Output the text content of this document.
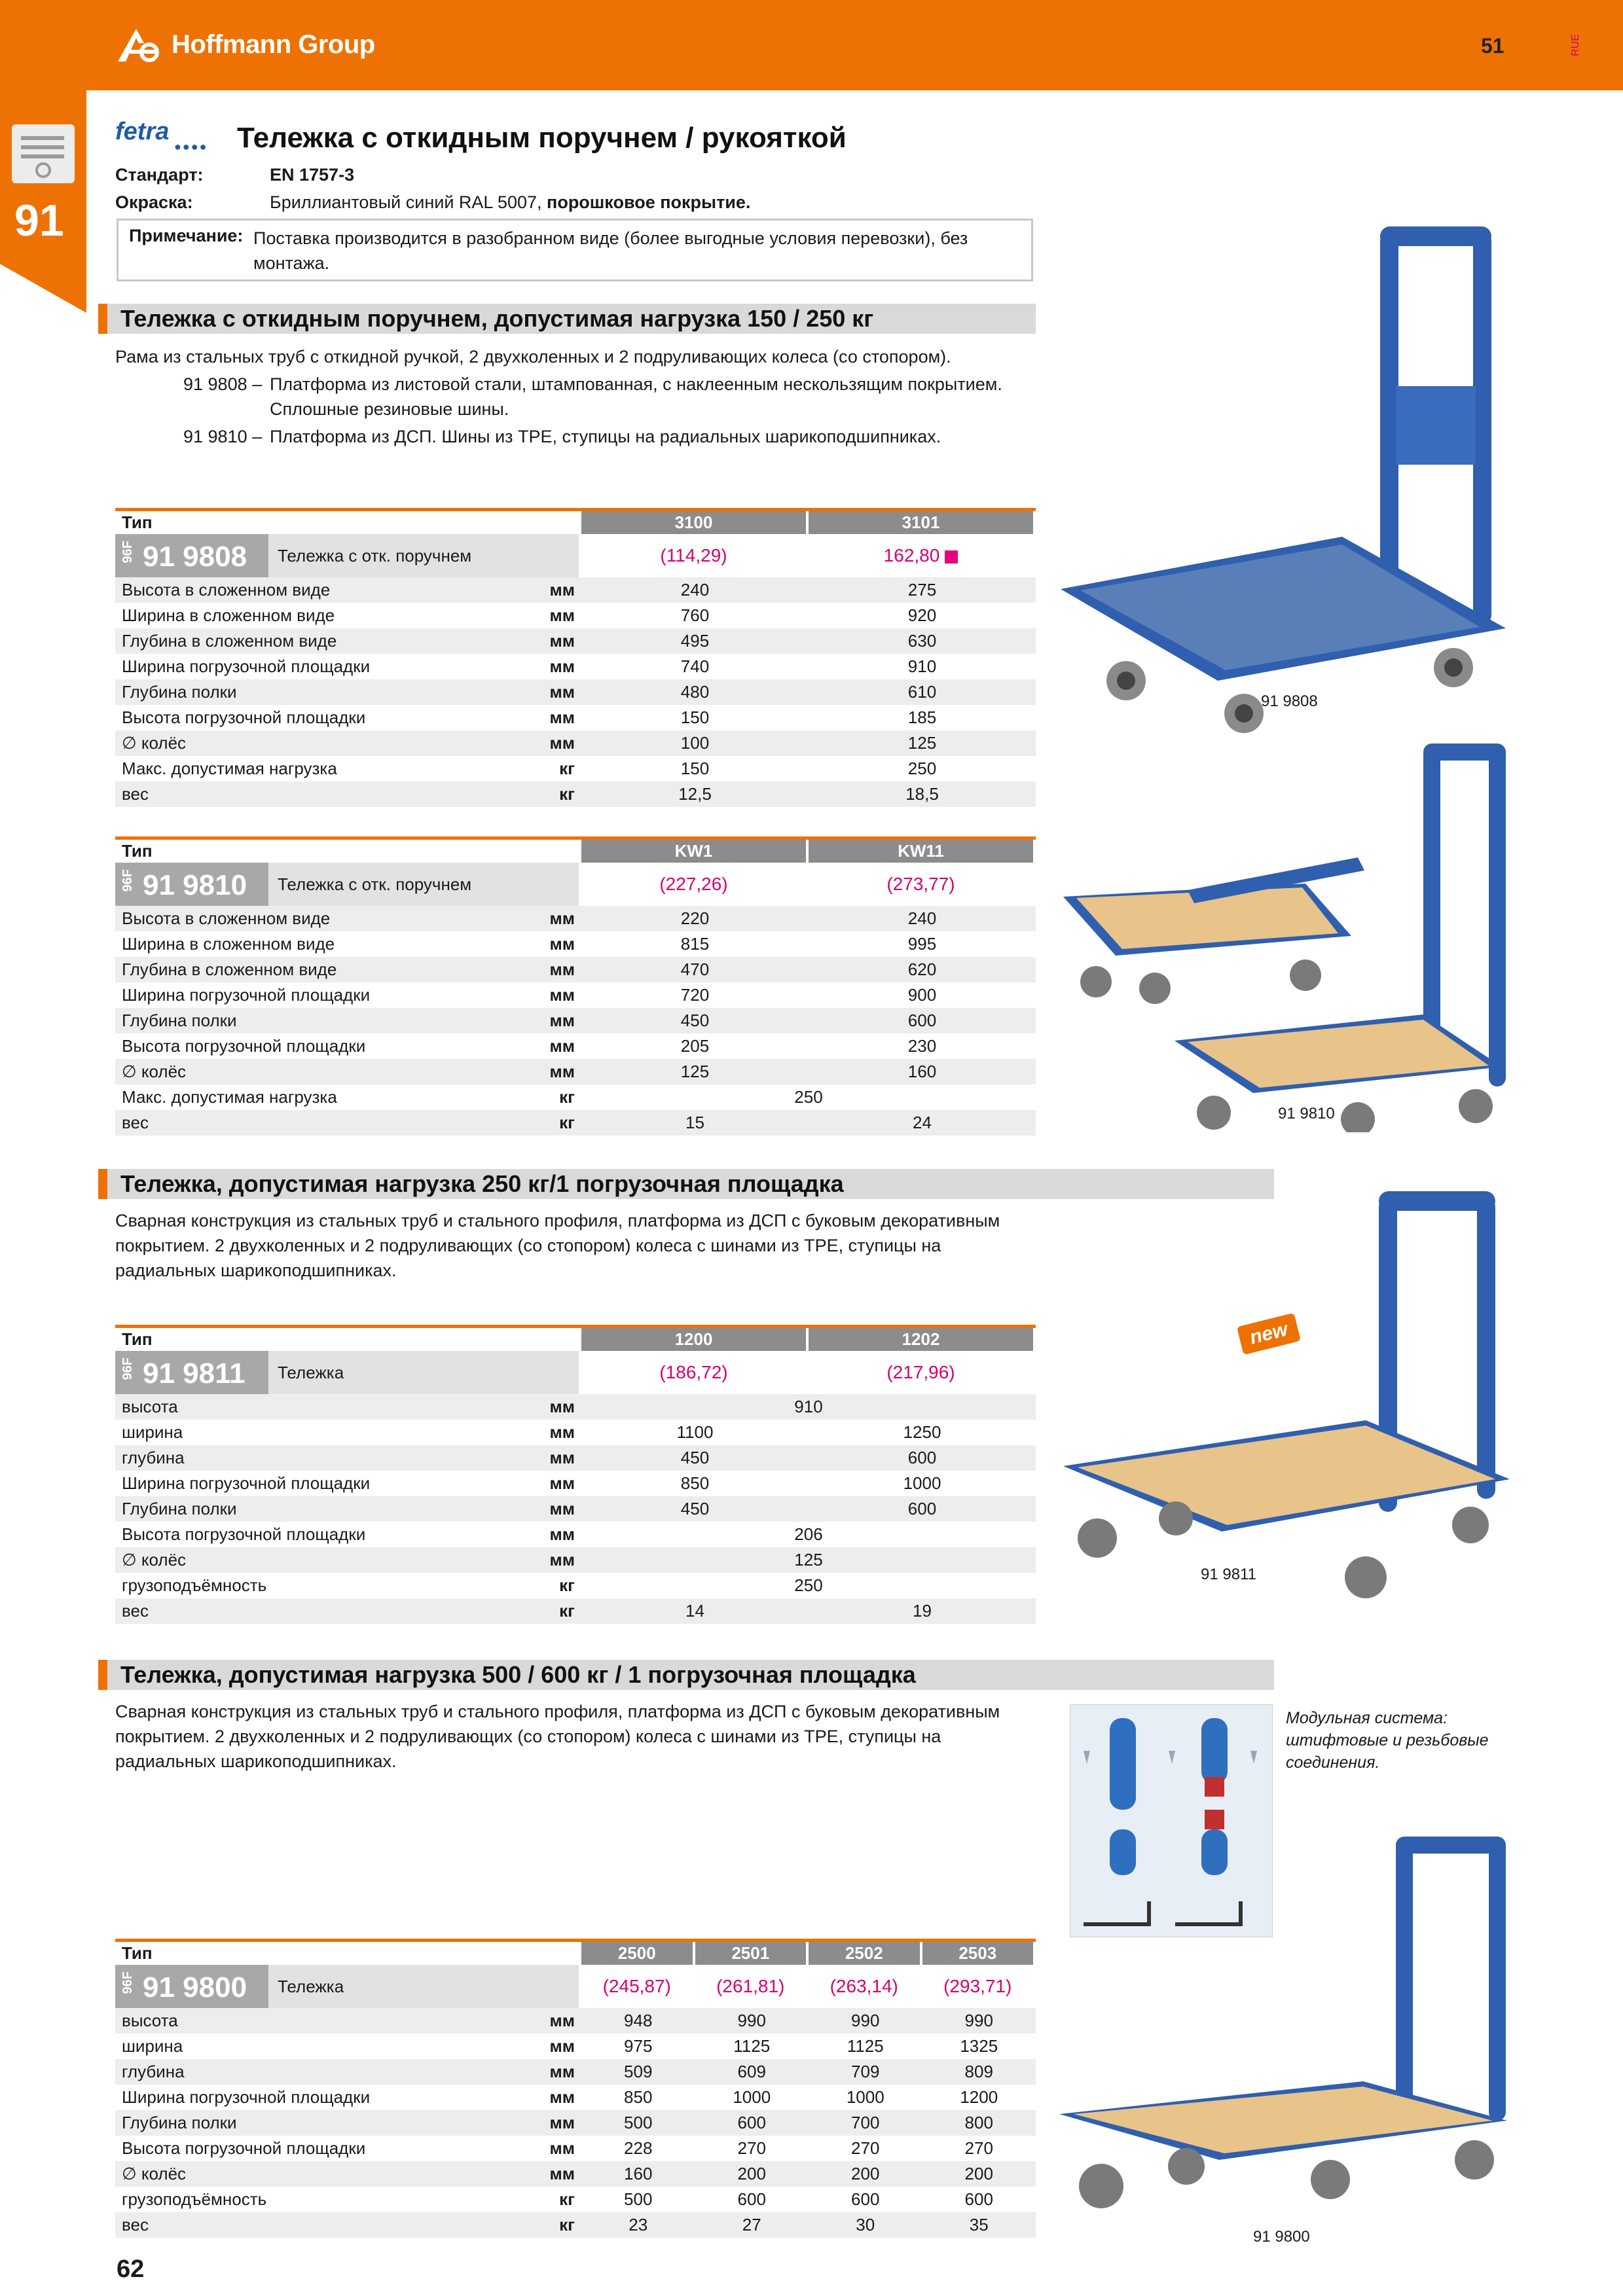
Hoffmann Group	51	RUE
91
fetra
●●●● Тележка с откидным поручнем / рукояткой
Стандарт:	EN 1757-3
Окраска:	Бриллиантовый синий RAL 5007, порошковое покрытие.
Примечание: Поставка производится в разобранном виде (более выгодные условия перевозки), без монтажа.
Тележка с откидным поручнем, допустимая нагрузка 150 / 250 кг
Рама из стальных труб с откидной ручкой, 2 двухколенных и 2 подруливающих колеса (со стопором).
91 9808 – Платформа из листовой стали, штампованная, с наклеенным нескользящим покрытием. Сплошные резиновые шины.
91 9810 – Платформа из ДСП. Шины из TPE, ступицы на радиальных шарикоподшипниках.
Тип	3100	3101
96F 91 9808 Тележка с отк. поручнем	(114,29)	162,80
Высота в сложенном виде	мм	240	275
Ширина в сложенном виде	мм	760	920
Глубина в сложенном виде	мм	495	630
Ширина погрузочной площадки	мм	740	910
Глубина полки	мм	480	610
Высота погрузочной площадки	мм	150	185
∅ колёс	мм	100	125
Макс. допустимая нагрузка	кг	150	250
вес	кг	12,5	18,5
Тип	KW1	KW11
96F 91 9810 Тележка с отк. поручнем	(227,26)	(273,77)
Высота в сложенном виде	мм	220	240
Ширина в сложенном виде	мм	815	995
Глубина в сложенном виде	мм	470	620
Ширина погрузочной площадки	мм	720	900
Глубина полки	мм	450	600
Высота погрузочной площадки	мм	205	230
∅ колёс	мм	125	160
Макс. допустимая нагрузка	кг	250
вес	кг	15	24
Тележка, допустимая нагрузка 250 кг/1 погрузочная площадка
Сварная конструкция из стальных труб и стального профиля, платформа из ДСП с буковым декоративным покрытием. 2 двухколенных и 2 подруливающих (со стопором) колеса с шинами из TPE, ступицы на радиальных шарикоподшипниках.
Тип	1200	1202
96F 91 9811 Тележка	(186,72)	(217,96)
высота	мм	910
ширина	мм	1100	1250
глубина	мм	450	600
Ширина погрузочной площадки	мм	850	1000
Глубина полки	мм	450	600
Высота погрузочной площадки	мм	206
∅ колёс	мм	125
грузоподъёмность	кг	250
вес	кг	14	19
Тележка, допустимая нагрузка 500 / 600 кг / 1 погрузочная площадка
Сварная конструкция из стальных труб и стального профиля, платформа из ДСП с буковым декоративным покрытием. 2 двухколенных и 2 подруливающих (со стопором) колеса с шинами из TPE, ступицы на радиальных шарикоподшипниках.
Тип	2500	2501	2502	2503
96F 91 9800 Тележка	(245,87)	(261,81)	(263,14)	(293,71)
высота	мм	948	990	990	990
ширина	мм	975	1125	1125	1325
глубина	мм	509	609	709	809
Ширина погрузочной площадки	мм	850	1000	1000	1200
Глубина полки	мм	500	600	700	800
Высота погрузочной площадки	мм	228	270	270	270
∅ колёс	мм	160	200	200	200
грузоподъёмность	кг	500	600	600	600
вес	кг	23	27	30	35
91 9808
91 9810
new
91 9811
Модульная система: штифтовые и резьбовые соединения.
91 9800
62
